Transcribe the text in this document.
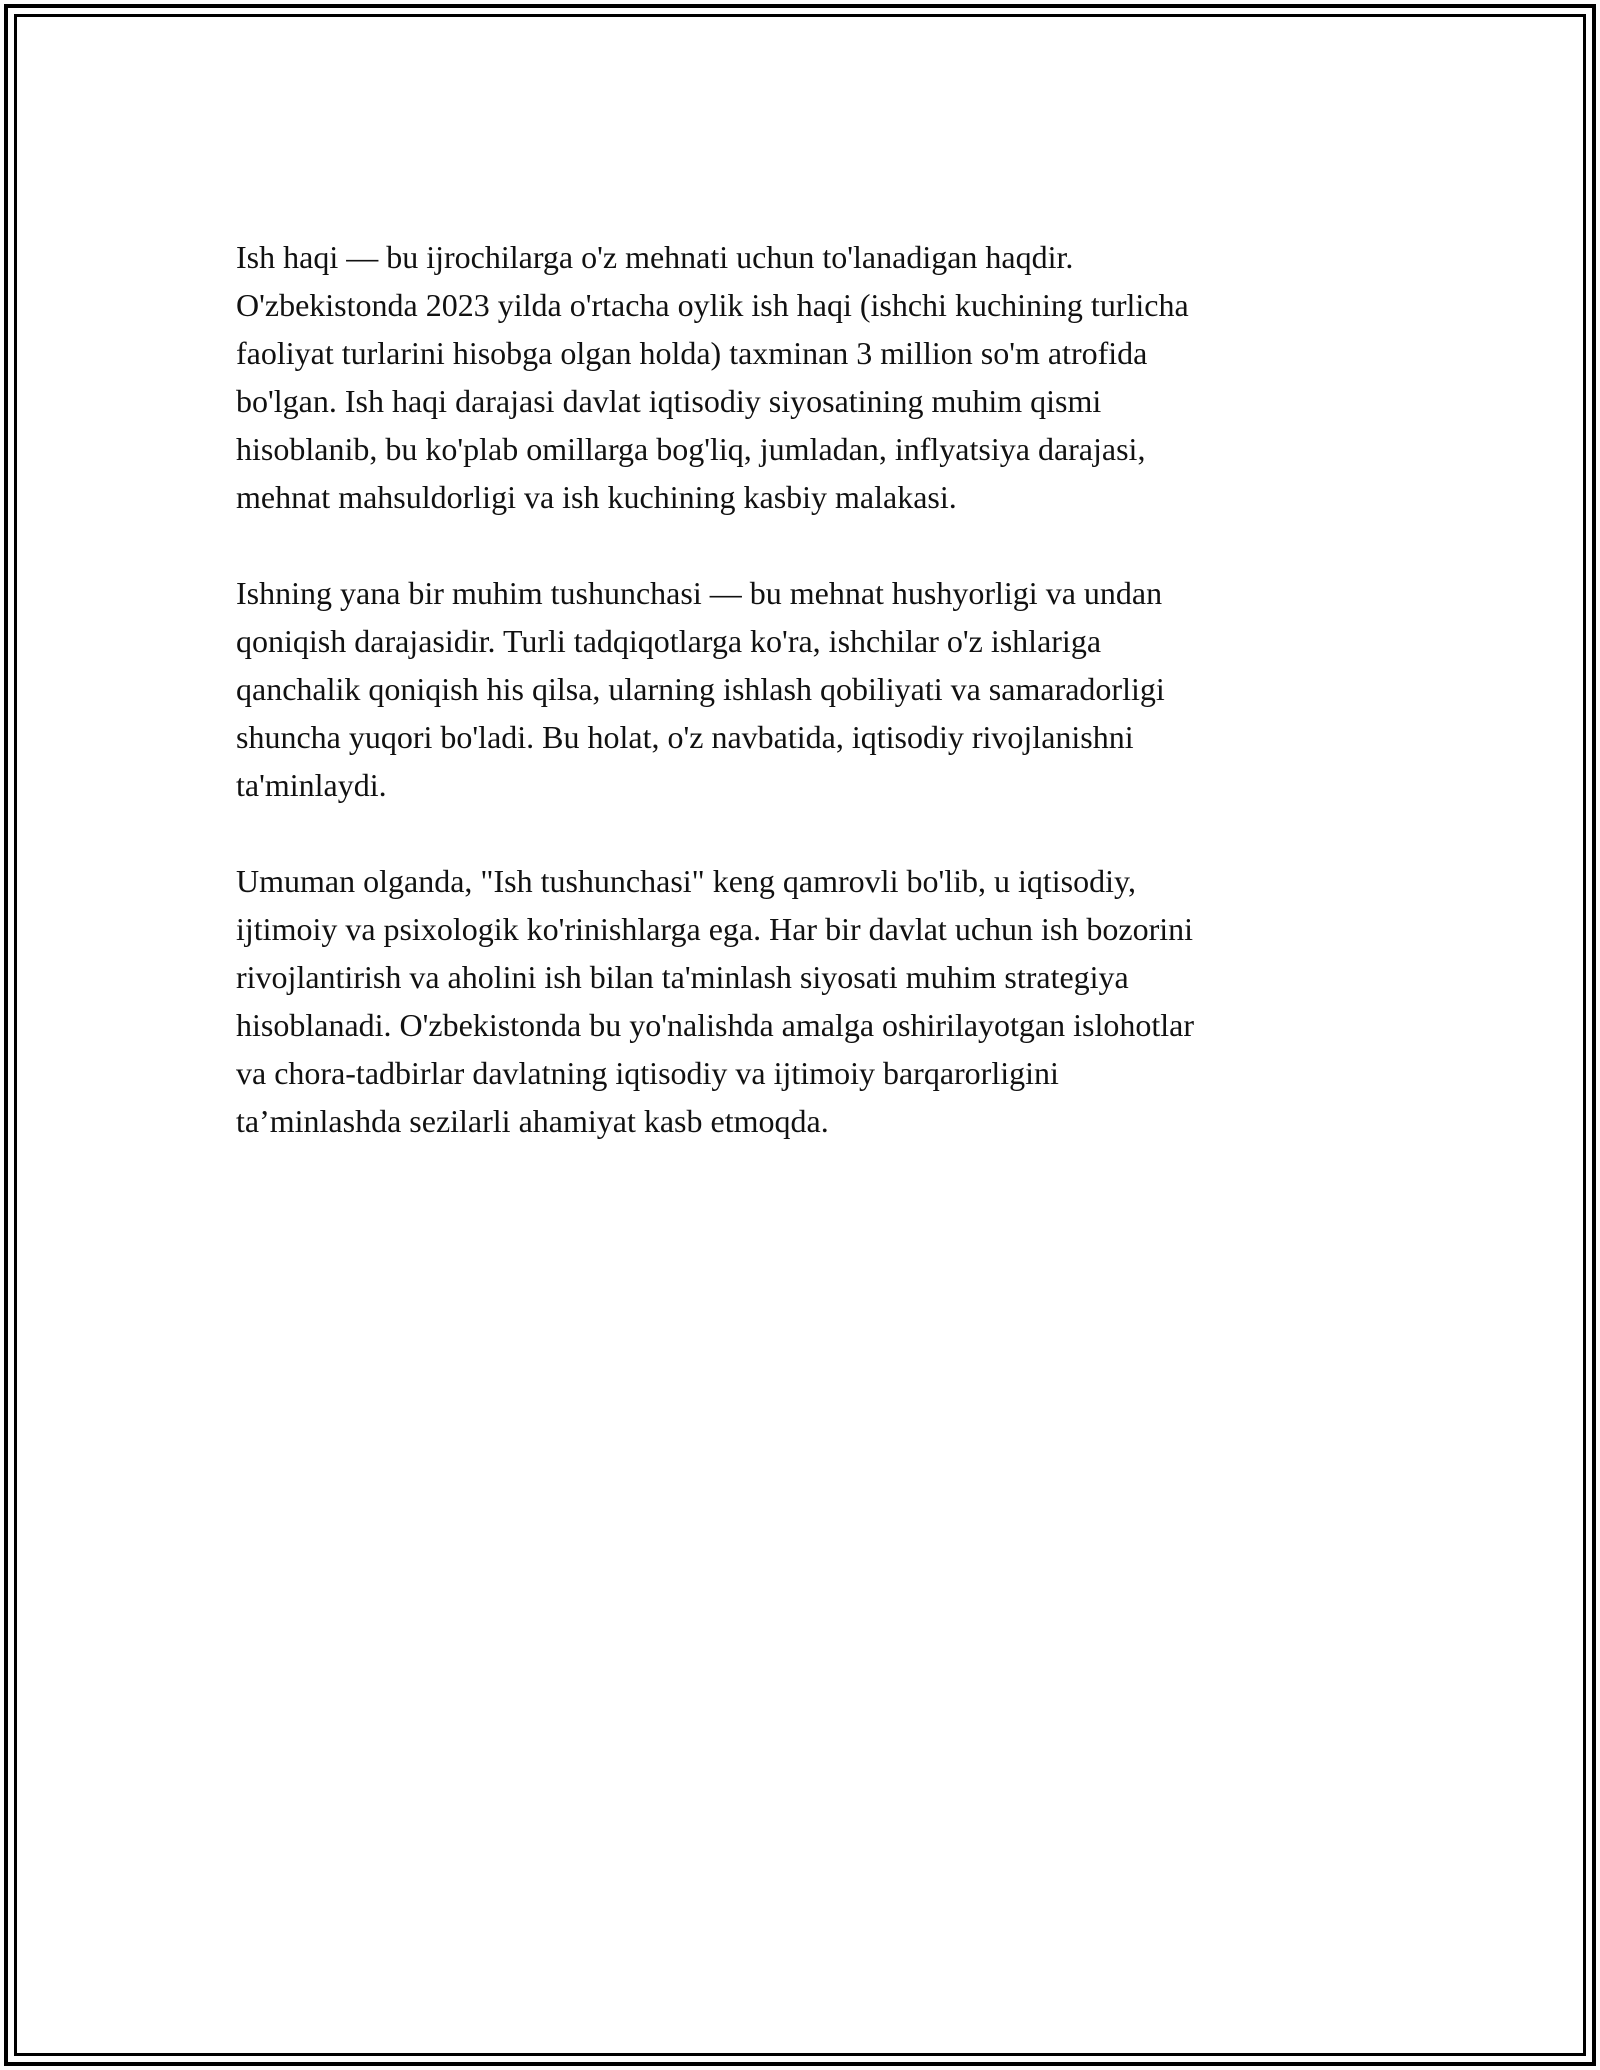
Ish haqi — bu ijrochilarga o'z mehnati uchun to'lanadigan haqdir.
O'zbekistonda 2023 yilda o'rtacha oylik ish haqi (ishchi kuchining turlicha
faoliyat turlarini hisobga olgan holda) taxminan 3 million so'm atrofida
bo'lgan. Ish haqi darajasi davlat iqtisodiy siyosatining muhim qismi
hisoblanib, bu ko'plab omillarga bog'liq, jumladan, inflyatsiya darajasi,
mehnat mahsuldorligi va ish kuchining kasbiy malakasi.

Ishning yana bir muhim tushunchasi — bu mehnat hushyorligi va undan
qoniqish darajasidir. Turli tadqiqotlarga ko'ra, ishchilar o'z ishlariga
qanchalik qoniqish his qilsa, ularning ishlash qobiliyati va samaradorligi
shuncha yuqori bo'ladi. Bu holat, o'z navbatida, iqtisodiy rivojlanishni
ta'minlaydi.

Umuman olganda, "Ish tushunchasi" keng qamrovli bo'lib, u iqtisodiy,
ijtimoiy va psixologik ko'rinishlarga ega. Har bir davlat uchun ish bozorini
rivojlantirish va aholini ish bilan ta'minlash siyosati muhim strategiya
hisoblanadi. O'zbekistonda bu yo'nalishda amalga oshirilayotgan islohotlar
va chora-tadbirlar davlatning iqtisodiy va ijtimoiy barqarorligini
ta’minlashda sezilarli ahamiyat kasb etmoqda.
